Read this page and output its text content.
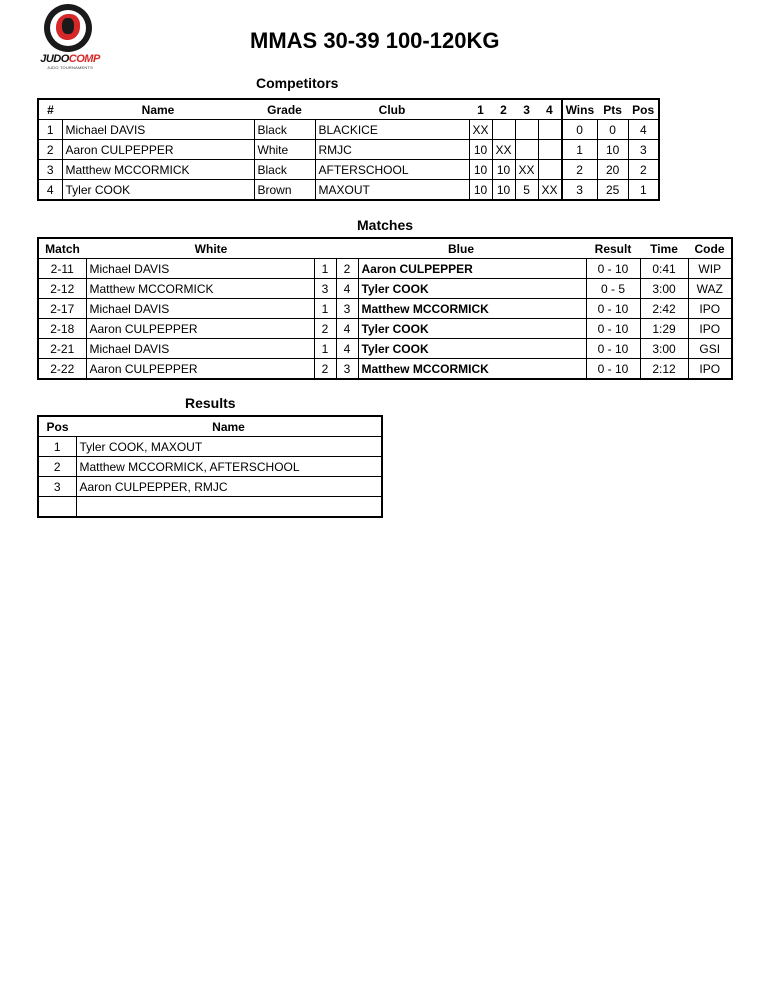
JUDOCOMP
JUDO TOURNAMENTS
MMAS 30-39 100-120KG
Competitors
#	Name	Grade	Club	1	2	3	4	Wins	Pts	Pos
1	Michael DAVIS	Black	BLACKICE	XX				0	0	4
2	Aaron CULPEPPER	White	RMJC	10	XX			1	10	3
3	Matthew MCCORMICK	Black	AFTERSCHOOL	10	10	XX		2	20	2
4	Tyler COOK	Brown	MAXOUT	10	10	5	XX	3	25	1
Matches
Match	White		Blue		Result	Time	Code
2-11	Michael DAVIS	1	2	Aaron CULPEPPER	0 - 10	0:41	WIP
2-12	Matthew MCCORMICK	3	4	Tyler COOK	0 - 5	3:00	WAZ
2-17	Michael DAVIS	1	3	Matthew MCCORMICK	0 - 10	2:42	IPO
2-18	Aaron CULPEPPER	2	4	Tyler COOK	0 - 10	1:29	IPO
2-21	Michael DAVIS	1	4	Tyler COOK	0 - 10	3:00	GSI
2-22	Aaron CULPEPPER	2	3	Matthew MCCORMICK	0 - 10	2:12	IPO
Results
Pos	Name
1	Tyler COOK, MAXOUT
2	Matthew MCCORMICK, AFTERSCHOOL
3	Aaron CULPEPPER, RMJC
